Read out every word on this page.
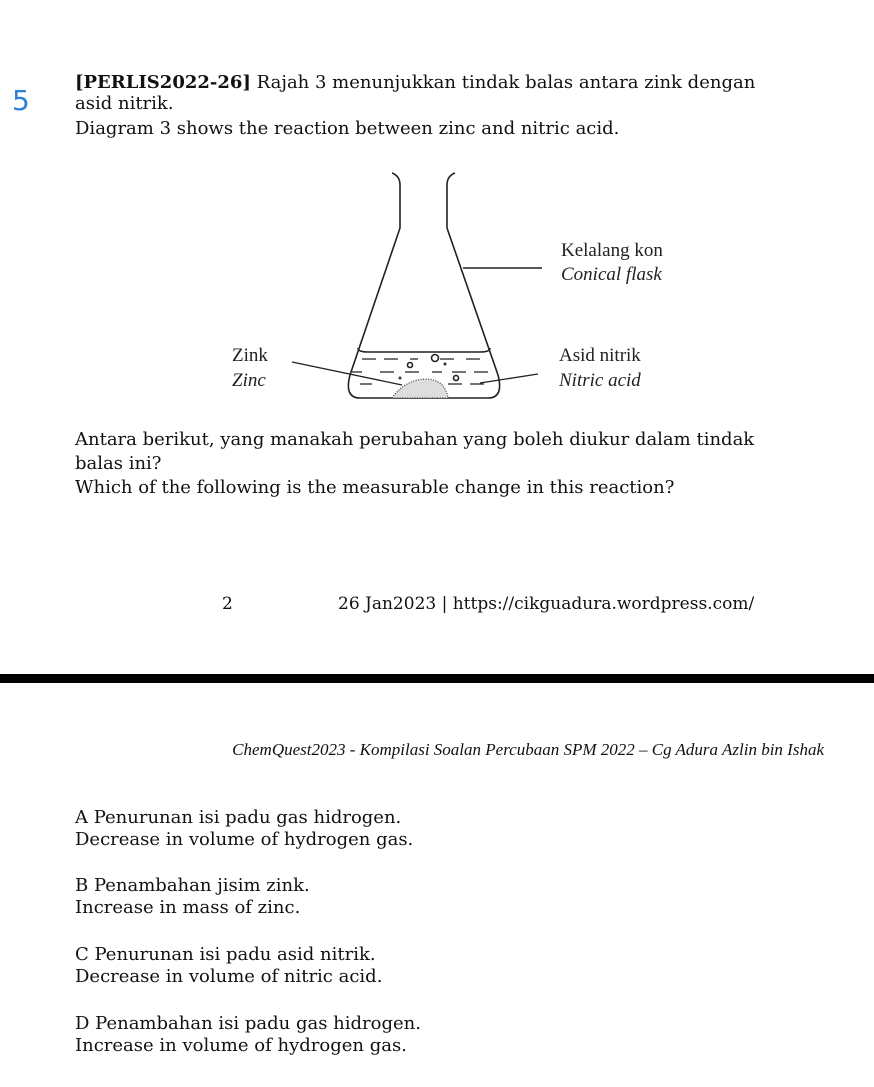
5
[PERLIS2022-26] Rajah 3 menunjukkan tindak balas antara zink dengan
asid nitrik.
Diagram 3 shows the reaction between zinc and nitric acid.
Kelalang kon
Conical flask
Zink
Zinc
Asid nitrik
Nitric acid
Antara berikut, yang manakah perubahan yang boleh diukur dalam tindak
balas ini?
Which of the following is the measurable change in this reaction?
2	26 Jan2023 | https://cikguadura.wordpress.com/
ChemQuest2023 - Kompilasi Soalan Percubaan SPM 2022 – Cg Adura Azlin bin Ishak
A Penurunan isi padu gas hidrogen.
Decrease in volume of hydrogen gas.
B Penambahan jisim zink.
Increase in mass of zinc.
C Penurunan isi padu asid nitrik.
Decrease in volume of nitric acid.
D Penambahan isi padu gas hidrogen.
Increase in volume of hydrogen gas.
